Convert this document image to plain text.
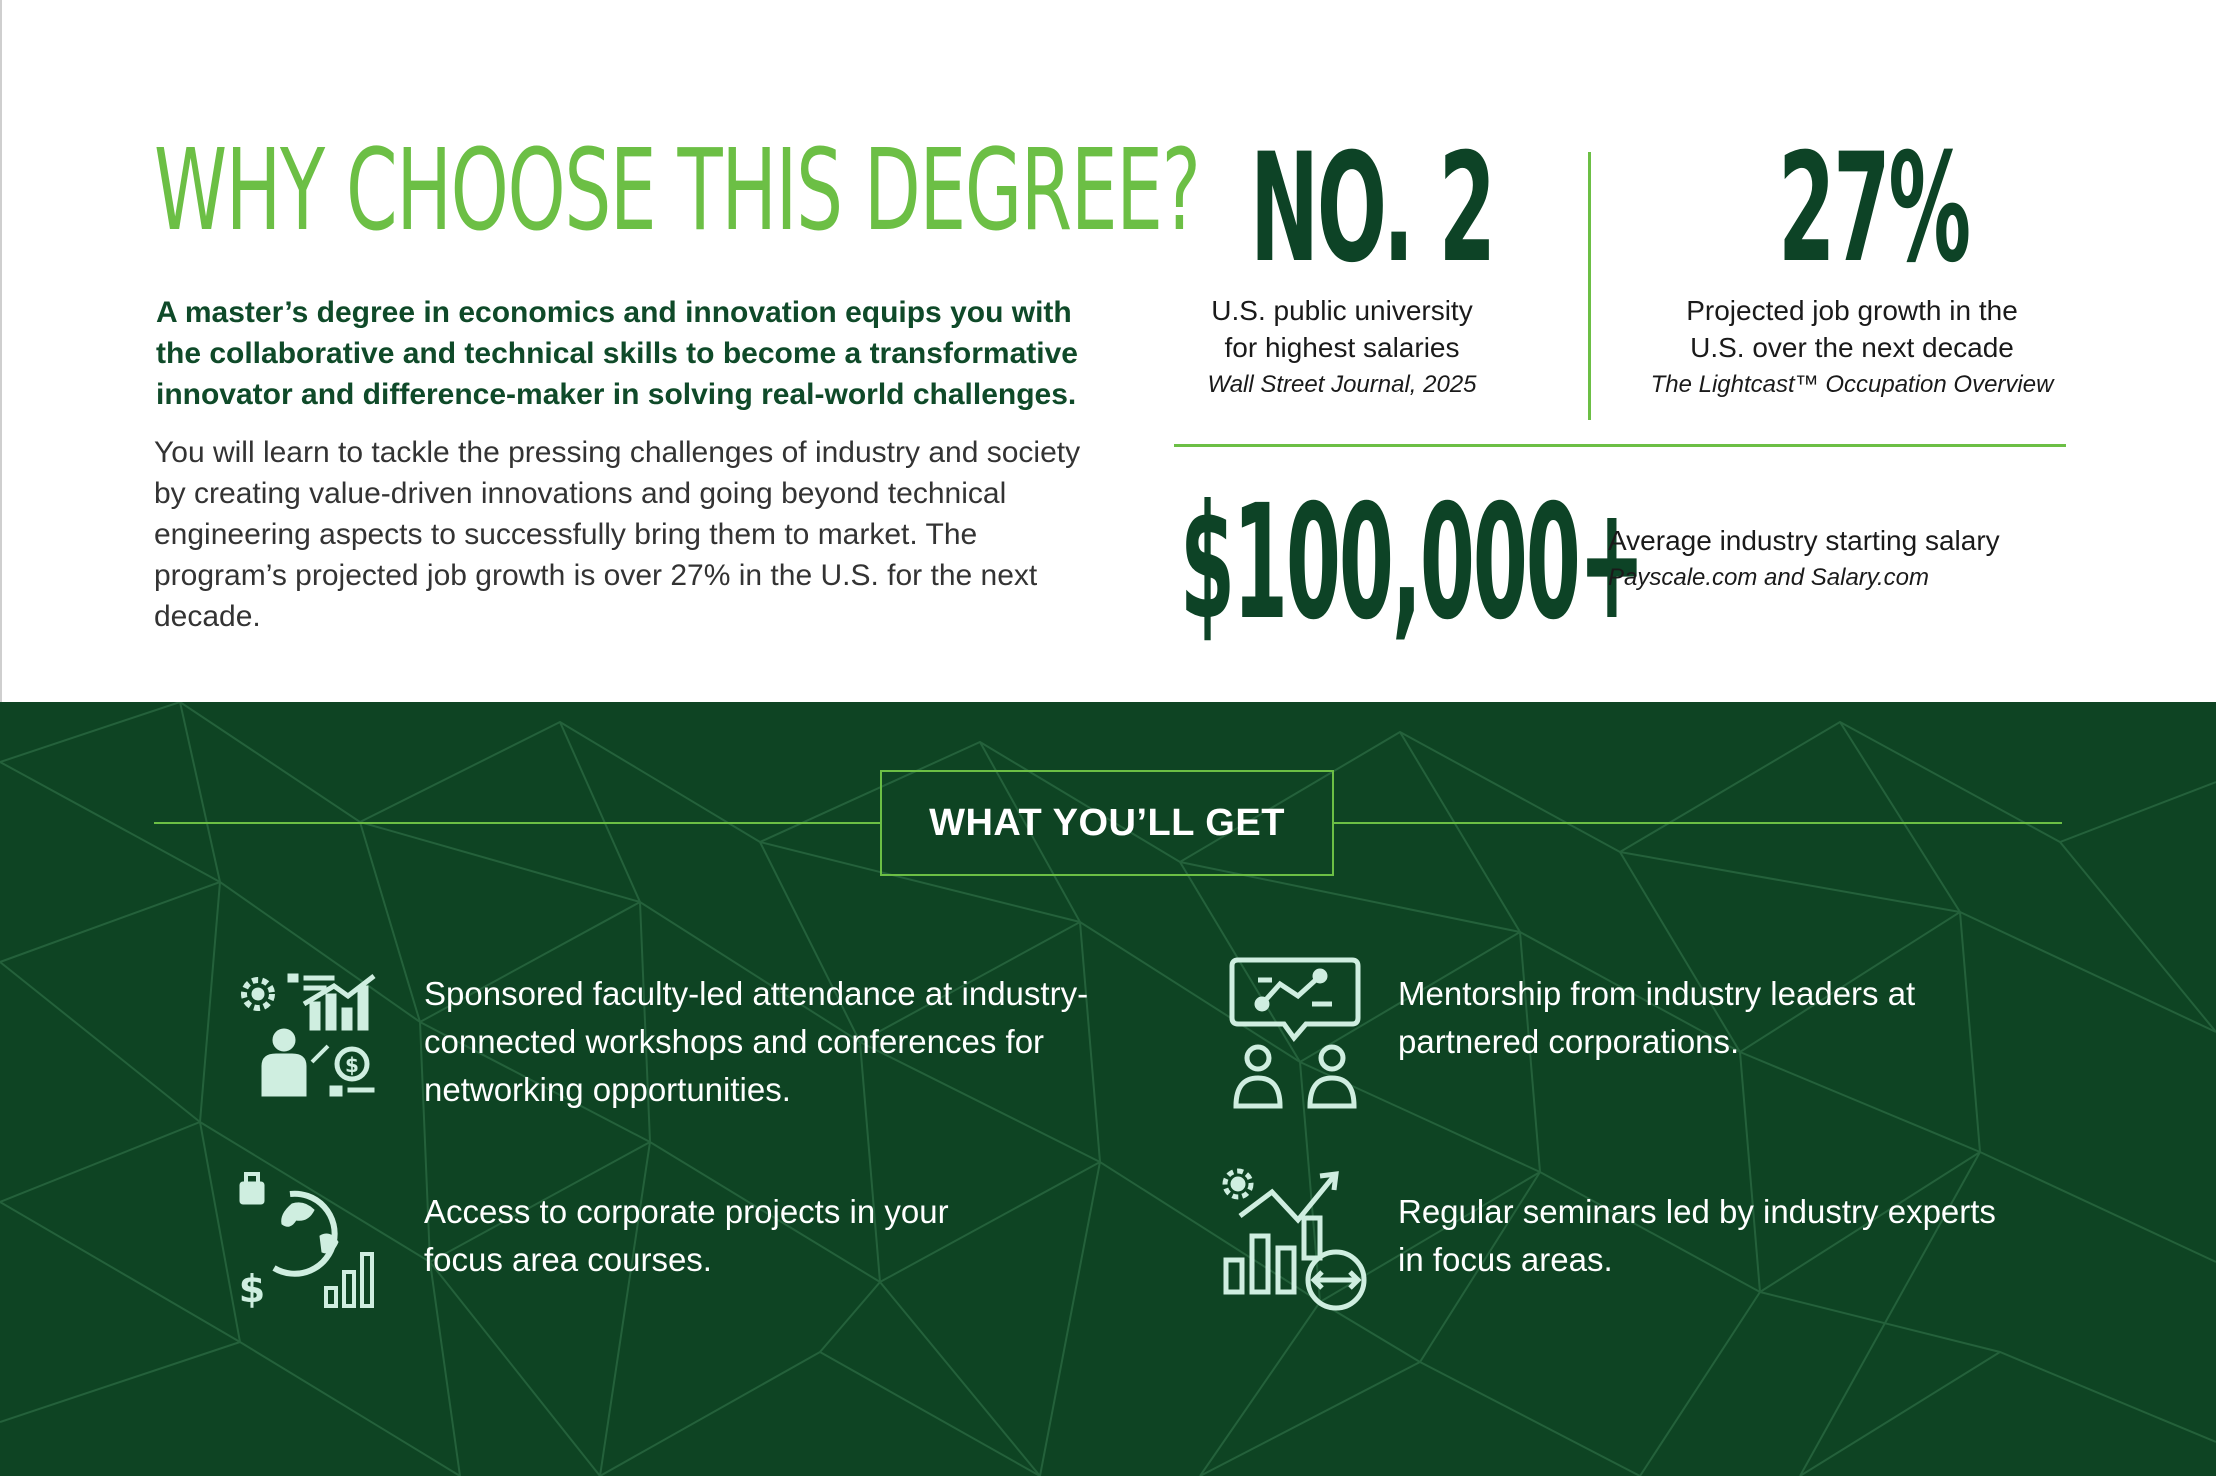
WHY CHOOSE THIS DEGREE?

A master’s degree in economics and innovation equips you with the collaborative and technical skills to become a transformative innovator and difference-maker in solving real-world challenges.

You will learn to tackle the pressing challenges of industry and society by creating value-driven innovations and going beyond technical engineering aspects to successfully bring them to market. The program’s projected job growth is over 27% in the U.S. for the next decade.

NO. 2
U.S. public university
for highest salaries
Wall Street Journal, 2025
27%
Projected job growth in the
U.S. over the next decade
The Lightcast™ Occupation Overview
$100,000+
Average industry starting salary
Payscale.com and Salary.com
WHAT YOU’LL GET
$

Sponsored faculty-led attendance at industry-connected workshops and conferences for networking opportunities.

Mentorship from industry leaders at partnered corporations.

$

Access to corporate projects in your focus area courses.

Regular seminars led by industry experts in focus areas.
